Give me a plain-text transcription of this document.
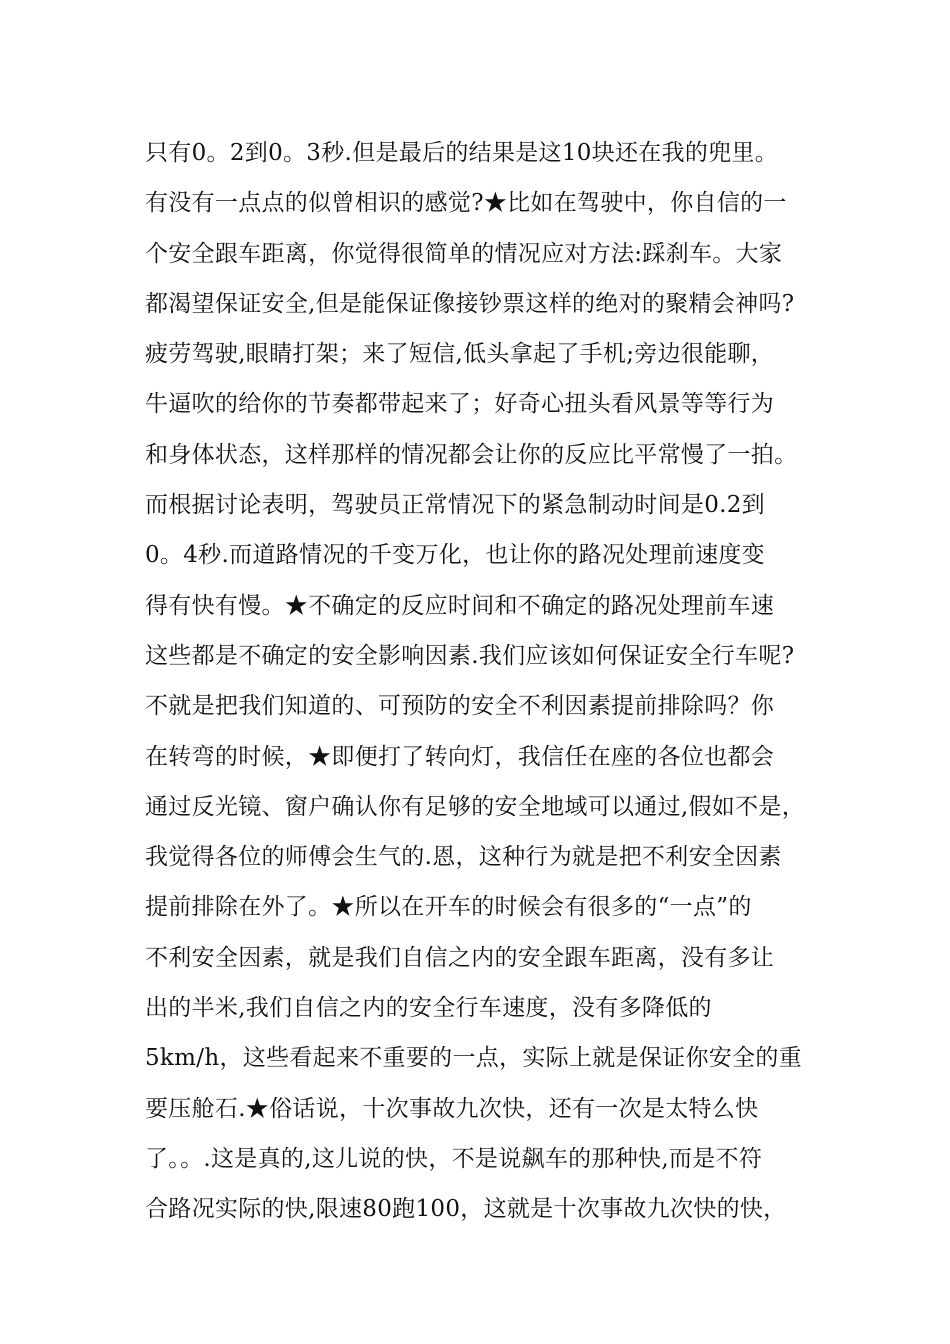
只有0。2到0。3秒.但是最后的结果是这10块还在我的兜里。
有没有一点点的似曾相识的感觉?★比如在驾驶中，你自信的一
个安全跟车距离，你觉得很简单的情况应对方法:踩刹车。大家
都渴望保证安全,但是能保证像接钞票这样的绝对的聚精会神吗?
疲劳驾驶,眼睛打架；来了短信,低头拿起了手机;旁边很能聊，
牛逼吹的给你的节奏都带起来了；好奇心扭头看风景等等行为
和身体状态，这样那样的情况都会让你的反应比平常慢了一拍。
而根据讨论表明，驾驶员正常情况下的紧急制动时间是0.2到
0。4秒.而道路情况的千变万化，也让你的路况处理前速度变
得有快有慢。★不确定的反应时间和不确定的路况处理前车速
这些都是不确定的安全影响因素.我们应该如何保证安全行车呢?
不就是把我们知道的、可预防的安全不利因素提前排除吗？你
在转弯的时候，★即便打了转向灯，我信任在座的各位也都会
通过反光镜、窗户确认你有足够的安全地域可以通过,假如不是，
我觉得各位的师傅会生气的.恩，这种行为就是把不利安全因素
提前排除在外了。★所以在开车的时候会有很多的“一点”的
不利安全因素，就是我们自信之内的安全跟车距离，没有多让
出的半米,我们自信之内的安全行车速度，没有多降低的
5km/h，这些看起来不重要的一点，实际上就是保证你安全的重
要压舱石.★俗话说，十次事故九次快，还有一次是太特么快
了。。.这是真的,这儿说的快，不是说飙车的那种快,而是不符
合路况实际的快,限速80跑100，这就是十次事故九次快的快，
